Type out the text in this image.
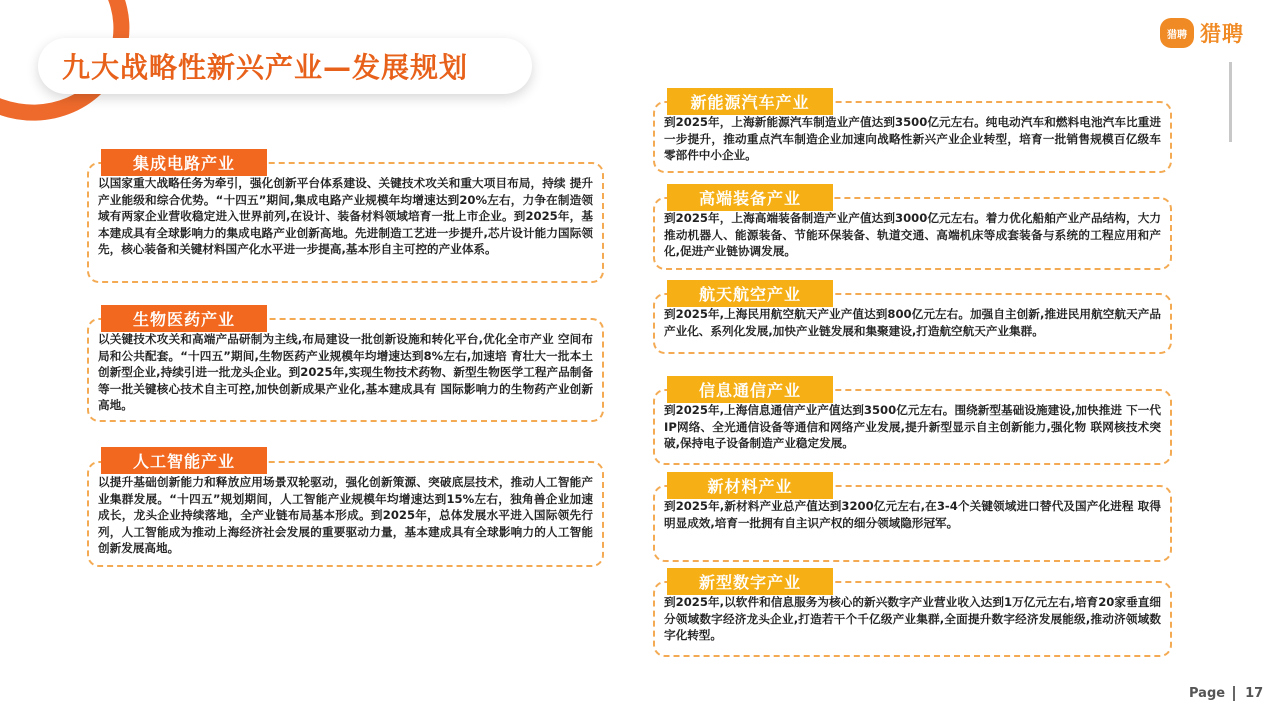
九大战略性新兴产业—发展规划
猎聘 猎聘

以国家重大战略任务为牵引，强化创新平台体系建设、关键技术攻关和重大项目布局，持续 提升产业能级和综合优势。“十四五”期间,集成电路产业规模年均增速达到20%左右，力争在制造领域有两家企业营收稳定进入世界前列,在设计、装备材料领域培育一批上市企业。到2025年，基本建成具有全球影响力的集成电路产业创新高地。先进制造工艺进一步提升,芯片设计能力国际领先，核心装备和关键材料国产化水平进一步提高,基本形自主可控的产业体系。

集成电路产业

以关键技术攻关和高端产品研制为主线,布局建设一批创新设施和转化平台,优化全市产业 空间布局和公共配套。“十四五”期间,生物医药产业规模年均增速达到8%左右,加速培 育壮大一批本土创新型企业,持续引进一批龙头企业。到2025年,实现生物技术药物、新型生物医学工程产品制备等一批关键核心技术自主可控,加快创新成果产业化,基本建成具有 国际影响力的生物药产业创新高地。

生物医药产业

以提升基础创新能力和释放应用场景双轮驱动，强化创新策源、突破底层技术，推动人工智能产业集群发展。“十四五”规划期间，人工智能产业规模年均增速达到15%左右，独角兽企业加速成长，龙头企业持续落地，全产业链布局基本形成。到2025年，总体发展水平进入国际领先行列，人工智能成为推动上海经济社会发展的重要驱动力量，基本建成具有全球影响力的人工智能创新发展高地。

人工智能产业

到2025年，上海新能源汽车制造业产值达到3500亿元左右。纯电动汽车和燃料电池汽车比重进一步提升，推动重点汽车制造企业加速向战略性新兴产业企业转型，培育一批销售规模百亿级车零部件中小企业。

新能源汽车产业

到2025年，上海高端装备制造产业产值达到3000亿元左右。着力优化船舶产业产品结构，大力推动机器人、能源装备、节能环保装备、轨道交通、高端机床等成套装备与系统的工程应用和产化,促进产业链协调发展。

高端装备产业

到2025年,上海民用航空航天产业产值达到800亿元左右。加强自主创新,推进民用航空航天产品产业化、系列化发展,加快产业链发展和集聚建设,打造航空航天产业集群。

航天航空产业

到2025年,上海信息通信产业产值达到3500亿元左右。围绕新型基础设施建设,加快推进 下一代IP网络、全光通信设备等通信和网络产业发展,提升新型显示自主创新能力,强化物 联网核技术突破,保持电子设备制造产业稳定发展。

信息通信产业

到2025年,新材料产业总产值达到3200亿元左右,在3-4个关键领域进口替代及国产化进程 取得明显成效,培育一批拥有自主识产权的细分领域隐形冠军。

新材料产业

到2025年,以软件和信息服务为核心的新兴数字产业营业收入达到1万亿元左右,培育20家垂直细分领域数字经济龙头企业,打造若干个千亿级产业集群,全面提升数字经济发展能级,推动济领域数字化转型。

新型数字产业
Page 17
